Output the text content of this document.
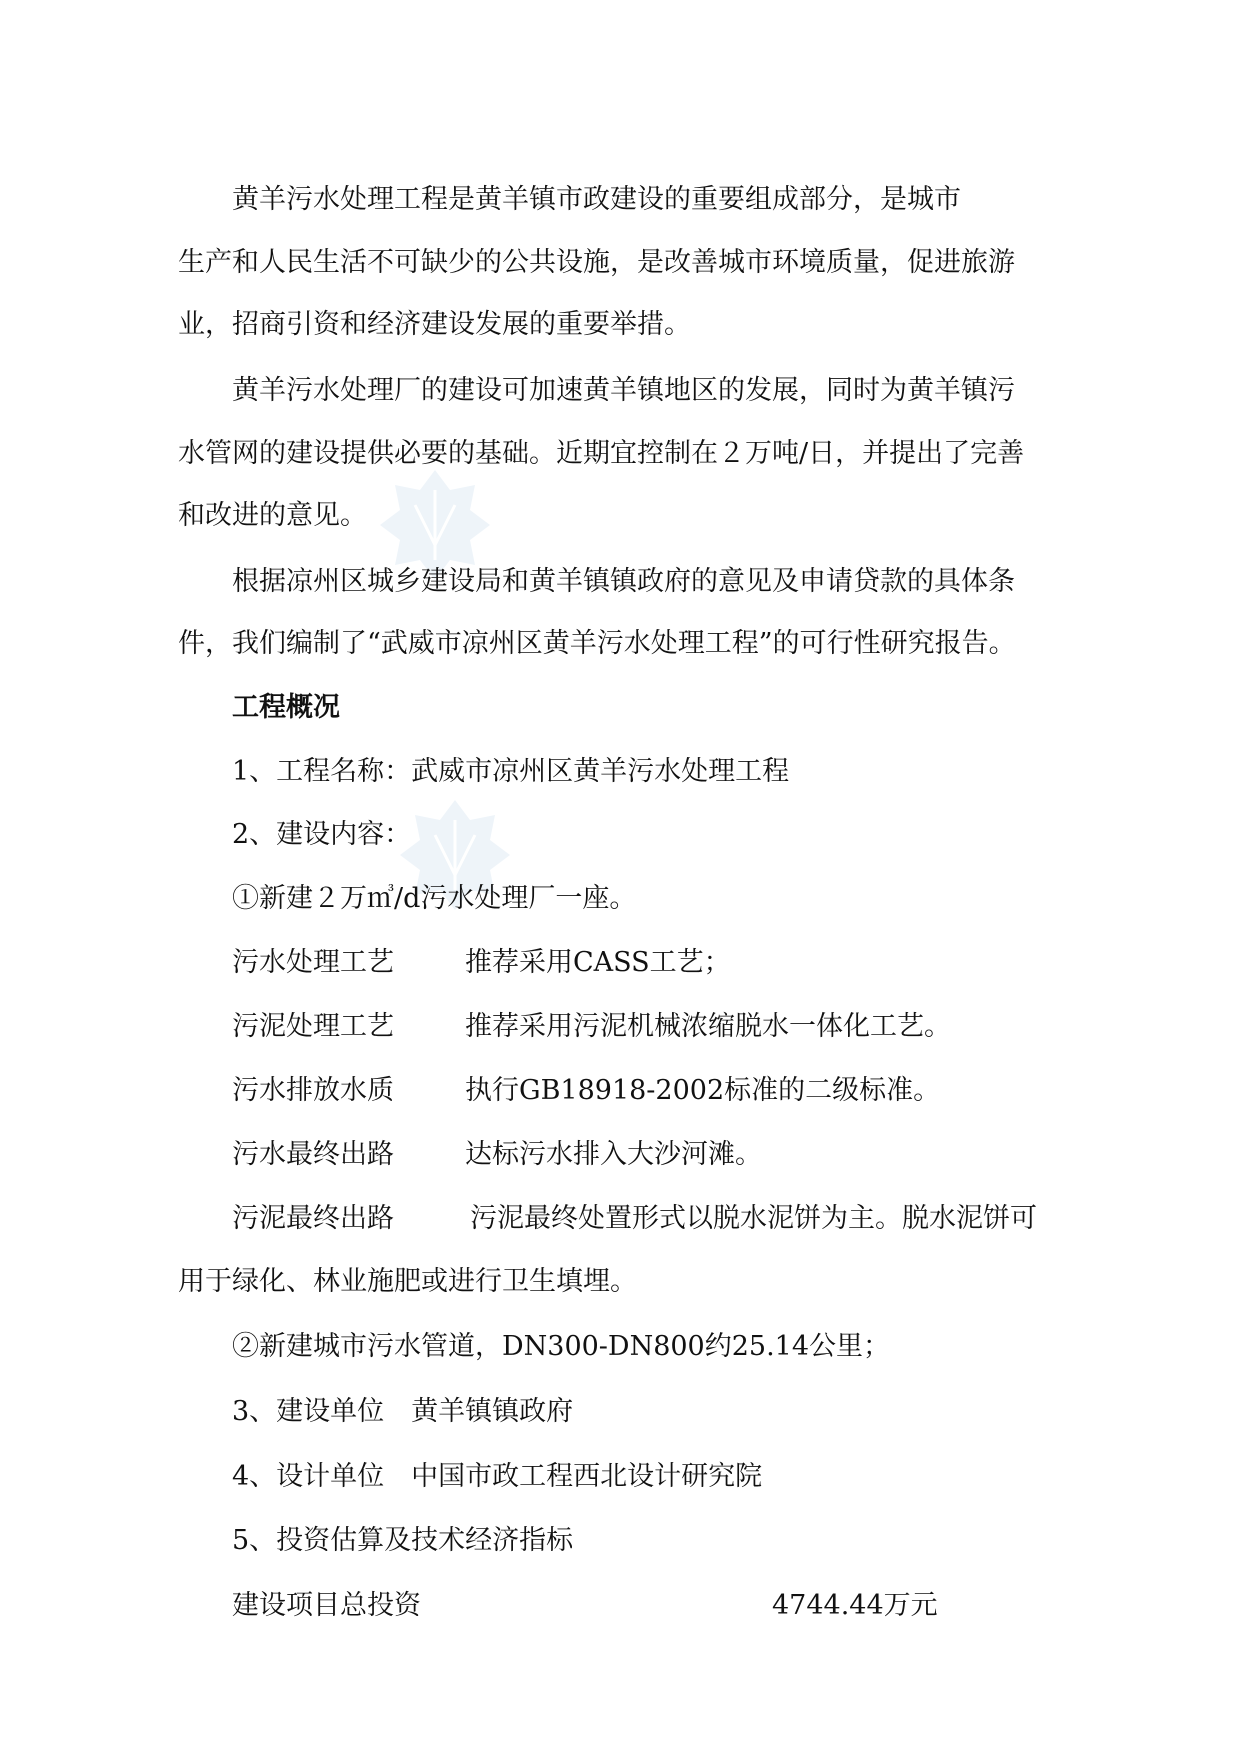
黄羊污水处理工程是黄羊镇市政建设的重要组成部分，是城市
生产和人民生活不可缺少的公共设施，是改善城市环境质量，促进旅游
业，招商引资和经济建设发展的重要举措。
黄羊污水处理厂的建设可加速黄羊镇地区的发展，同时为黄羊镇污
水管网的建设提供必要的基础。近期宜控制在２万吨/日，并提出了完善
和改进的意见。
根据凉州区城乡建设局和黄羊镇镇政府的意见及申请贷款的具体条
件，我们编制了“武威市凉州区黄羊污水处理工程”的可行性研究报告。
工程概况
1、工程名称：武威市凉州区黄羊污水处理工程
2、建设内容：
①新建２万㎥/d污水处理厂一座。
污水处理工艺	推荐采用CASS工艺；
污泥处理工艺	推荐采用污泥机械浓缩脱水一体化工艺。
污水排放水质	执行GB18918-2002标准的二级标准。
污水最终出路	达标污水排入大沙河滩。
污泥最终出路	污泥最终处置形式以脱水泥饼为主。脱水泥饼可
用于绿化、林业施肥或进行卫生填埋。
②新建城市污水管道，DN300-DN800约25.14公里；
3、建设单位　黄羊镇镇政府
4、设计单位　中国市政工程西北设计研究院
5、投资估算及技术经济指标
建设项目总投资	4744.44万元
